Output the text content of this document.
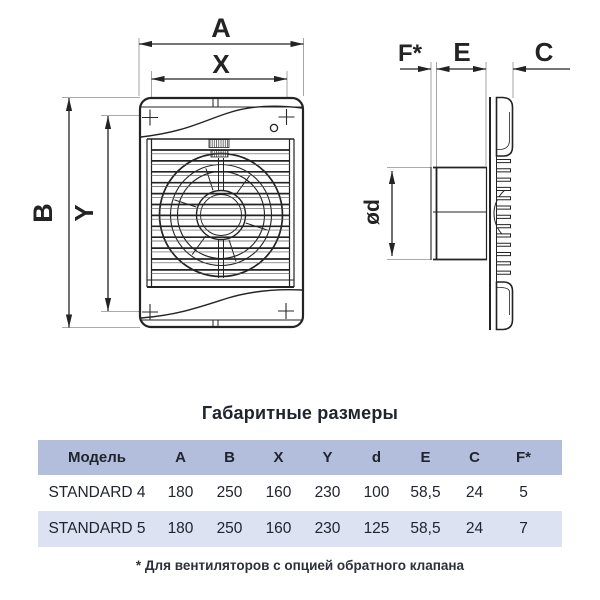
A
X
B Y
F* E C
ød
Габаритные размеры
Модель	A	B	X	Y	d	E	C	F*
STANDARD 4	180	250	160	230	100	58,5	24	5
STANDARD 5	180	250	160	230	125	58,5	24	7

* Для вентиляторов с опцией обратного клапана
